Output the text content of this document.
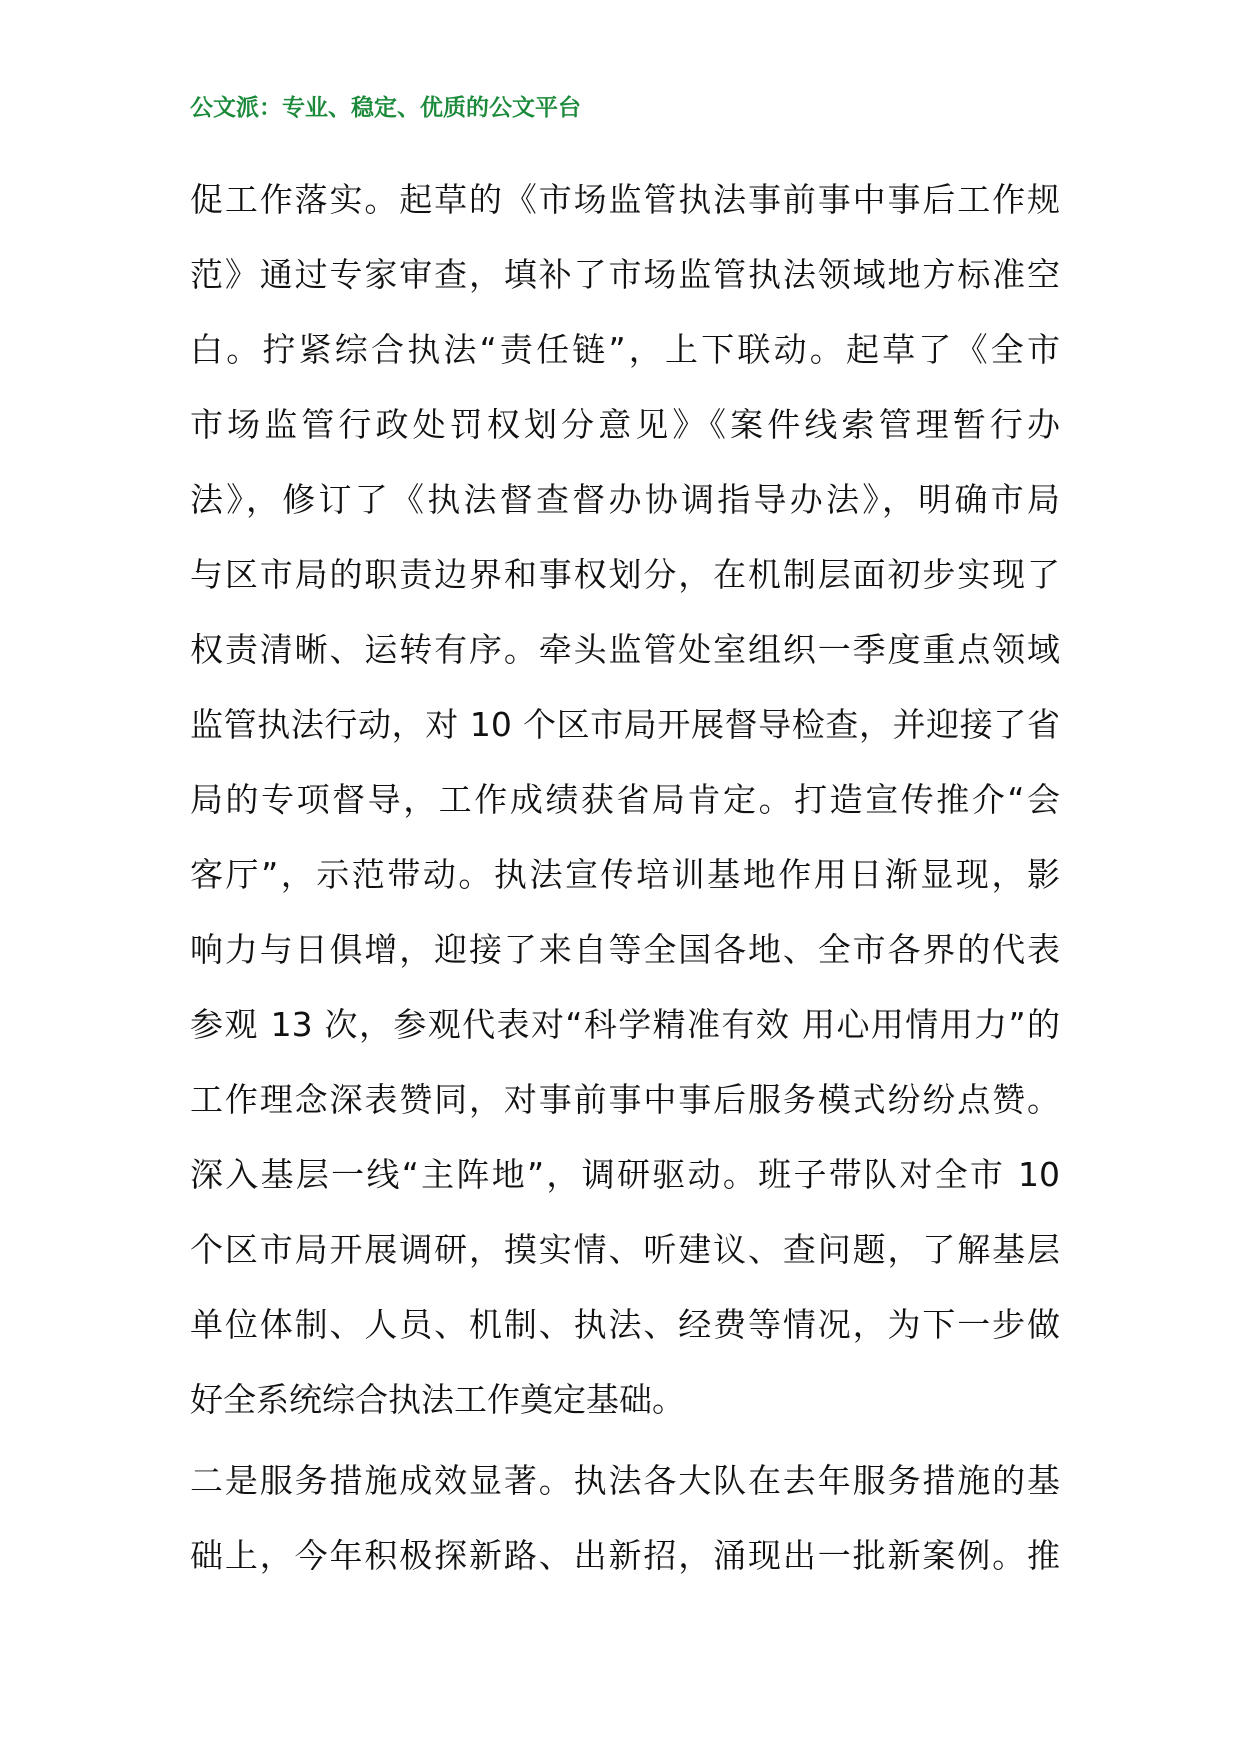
公文派：专业、稳定、优质的公文平台
促工作落实。起草的《市场监管执法事前事中事后工作规
范》通过专家审查，填补了市场监管执法领域地方标准空
白。拧紧综合执法“责任链”，上下联动。起草了《全市
市场监管行政处罚权划分意见》《案件线索管理暂行办
法》，修订了《执法督查督办协调指导办法》，明确市局
与区市局的职责边界和事权划分，在机制层面初步实现了
权责清晰、运转有序。牵头监管处室组织一季度重点领域
监管执法行动，对 10 个区市局开展督导检查，并迎接了省
局的专项督导，工作成绩获省局肯定。打造宣传推介“会
客厅”，示范带动。执法宣传培训基地作用日渐显现，影
响力与日俱增，迎接了来自等全国各地、全市各界的代表
参观 13 次，参观代表对“科学精准有效 用心用情用力”的
工作理念深表赞同，对事前事中事后服务模式纷纷点赞。
深入基层一线“主阵地”，调研驱动。班子带队对全市 10
个区市局开展调研，摸实情、听建议、查问题，了解基层
单位体制、人员、机制、执法、经费等情况，为下一步做
好全系统综合执法工作奠定基础。
二是服务措施成效显著。执法各大队在去年服务措施的基
础上，今年积极探新路、出新招，涌现出一批新案例。推
